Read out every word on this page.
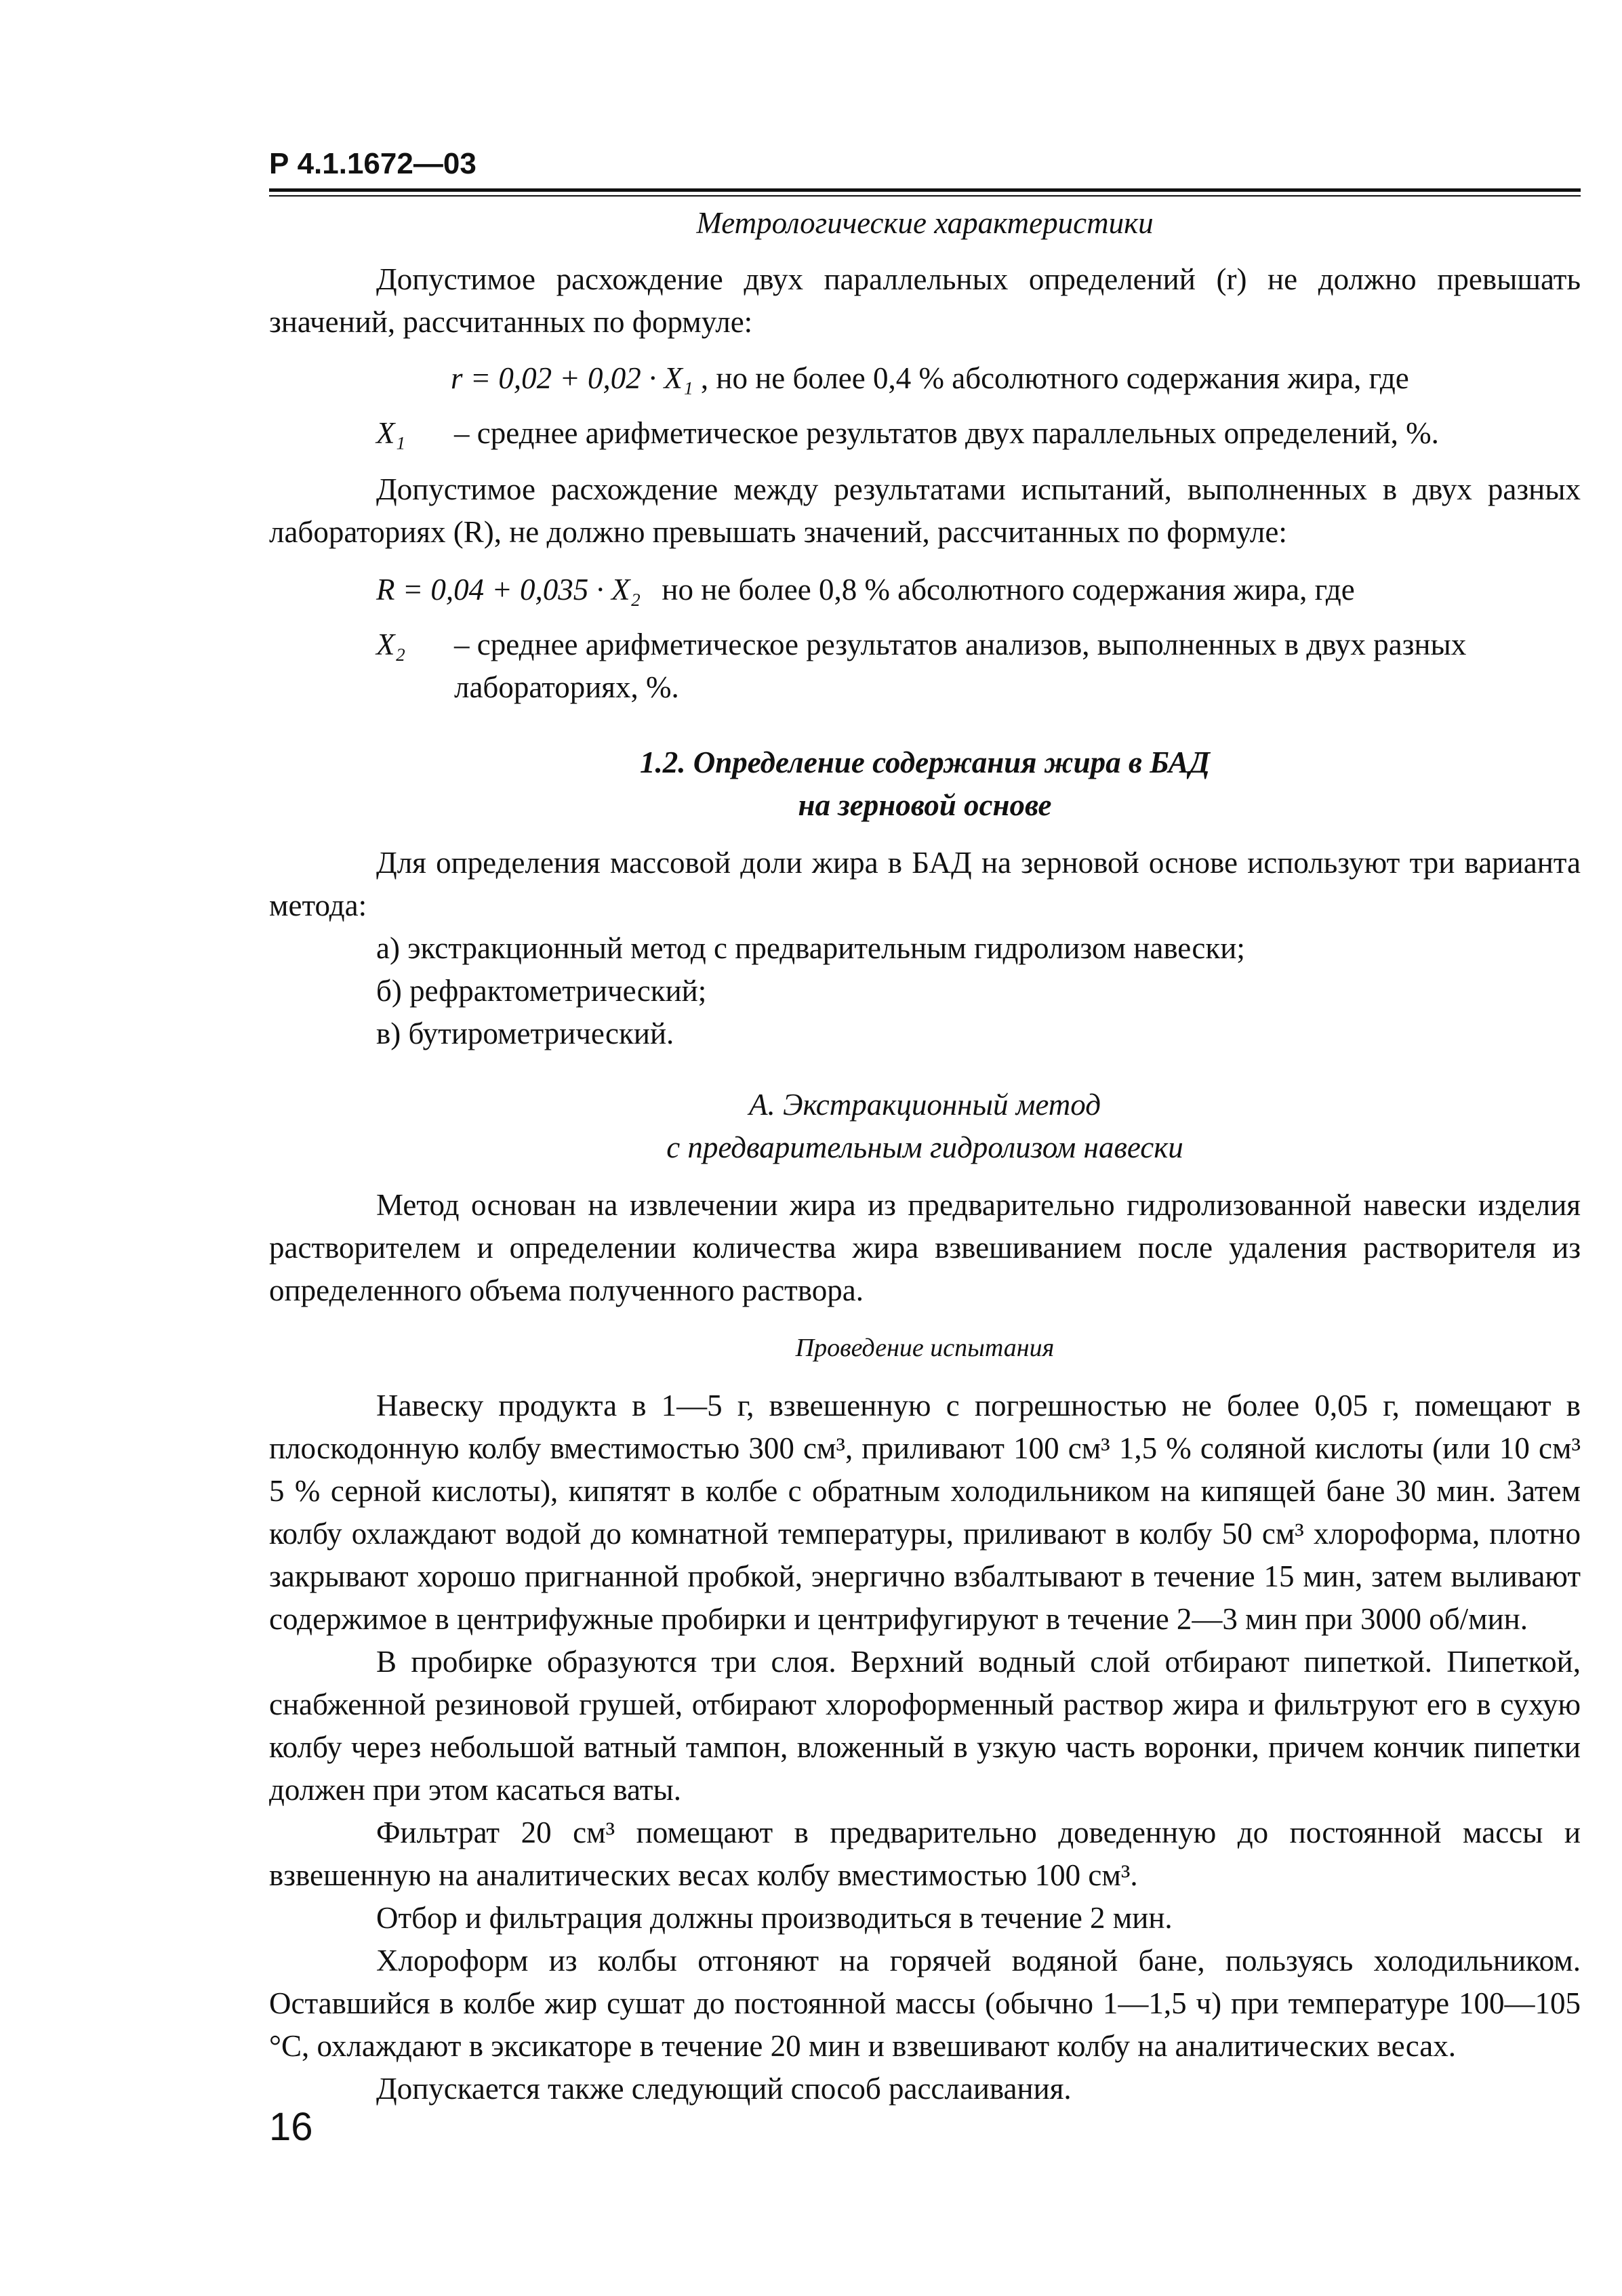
Р 4.1.1672—03

Метрологические характеристики

Допустимое расхождение двух параллельных определений (r) не должно превышать значений, рассчитанных по формуле:

r = 0,02 + 0,02 · X₁ , но не более 0,4 % абсолютного содержания жира, где

X₁	– среднее арифметическое результатов двух параллельных определений, %.

Допустимое расхождение между результатами испытаний, выполненных в двух разных лабораториях (R), не должно превышать значений, рассчитанных по формуле:

R = 0,04 + 0,035 · X₂ но не более 0,8 % абсолютного содержания жира, где

X₂	– среднее арифметическое результатов анализов, выполненных в двух разных лабораториях, %.

1.2. Определение содержания жира в БАД

на зерновой основе

Для определения массовой доли жира в БАД на зерновой основе используют три варианта метода:

а) экстракционный метод с предварительным гидролизом навески;

б) рефрактометрический;

в) бутирометрический.

А. Экстракционный метод

с предварительным гидролизом навески

Метод основан на извлечении жира из предварительно гидролизованной навески изделия растворителем и определении количества жира взвешиванием после удаления растворителя из определенного объема полученного раствора.

Проведение испытания

Навеску продукта в 1—5 г, взвешенную с погрешностью не более 0,05 г, помещают в плоскодонную колбу вместимостью 300 см³, приливают 100 см³ 1,5 % соляной кислоты (или 10 см³ 5 % серной кислоты), кипятят в колбе с обратным холодильником на кипящей бане 30 мин. Затем колбу охлаждают водой до комнатной температуры, приливают в колбу 50 см³ хлороформа, плотно закрывают хорошо пригнанной пробкой, энергично взбалтывают в течение 15 мин, затем выливают содержимое в центрифужные пробирки и центрифугируют в течение 2—3 мин при 3000 об/мин.

В пробирке образуются три слоя. Верхний водный слой отбирают пипеткой. Пипеткой, снабженной резиновой грушей, отбирают хлороформенный раствор жира и фильтруют его в сухую колбу через небольшой ватный тампон, вложенный в узкую часть воронки, причем кончик пипетки должен при этом касаться ваты.

Фильтрат 20 см³ помещают в предварительно доведенную до постоянной массы и взвешенную на аналитических весах колбу вместимостью 100 см³.

Отбор и фильтрация должны производиться в течение 2 мин.

Хлороформ из колбы отгоняют на горячей водяной бане, пользуясь холодильником. Оставшийся в колбе жир сушат до постоянной массы (обычно 1—1,5 ч) при температуре 100—105 °С, охлаждают в эксикаторе в течение 20 мин и взвешивают колбу на аналитических весах.

Допускается также следующий способ расслаивания.

16
